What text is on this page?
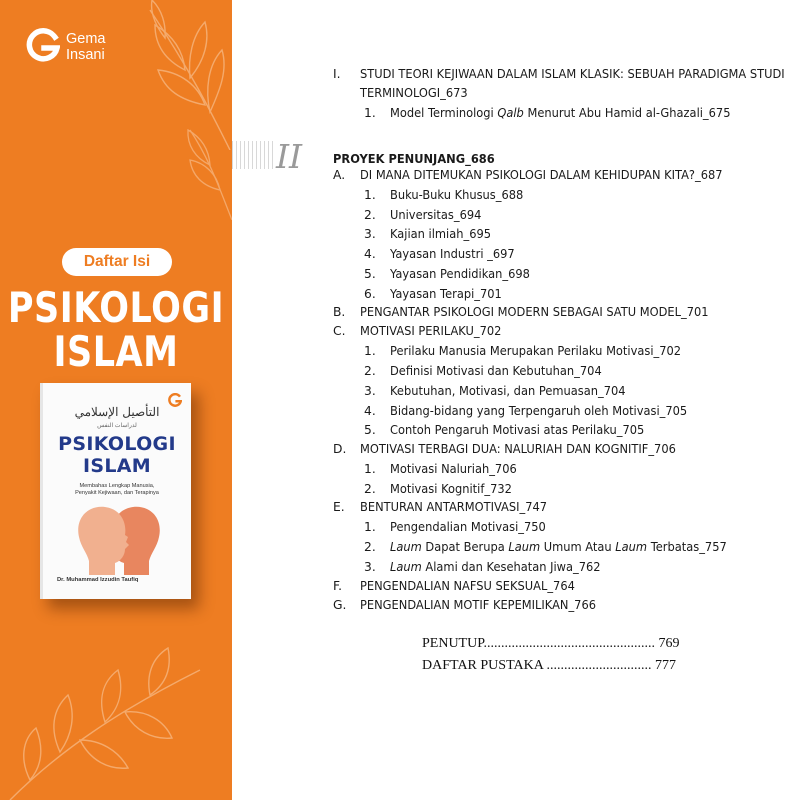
Gema
Insani
Daftar Isi
PSIKOLOGI
ISLAM
التأصيل الإسلامي
لدراسات النفس
PSIKOLOGI
ISLAM
Membahas Lengkap Manusia,
Penyakit Kejiwaan, dan Terapinya
Dr. Muhammad Izzudin Taufiq
II
I. STUDI TEORI KEJIWAAN DALAM ISLAM KLASIK: SEBUAH PARADIGMA STUDI
TERMINOLOGI_673
1. Model Terminologi Qalb Menurut Abu Hamid al-Ghazali_675
PROYEK PENUNJANG_686
A. DI MANA DITEMUKAN PSIKOLOGI DALAM KEHIDUPAN KITA?_687
1. Buku-Buku Khusus_688
2. Universitas_694
3. Kajian ilmiah_695
4. Yayasan Industri _697
5. Yayasan Pendidikan_698
6. Yayasan Terapi_701
B. PENGANTAR PSIKOLOGI MODERN SEBAGAI SATU MODEL_701
C. MOTIVASI PERILAKU_702
1. Perilaku Manusia Merupakan Perilaku Motivasi_702
2. Definisi Motivasi dan Kebutuhan_704
3. Kebutuhan, Motivasi, dan Pemuasan_704
4. Bidang-bidang yang Terpengaruh oleh Motivasi_705
5. Contoh Pengaruh Motivasi atas Perilaku_705
D. MOTIVASI TERBAGI DUA: NALURIAH DAN KOGNITIF_706
1. Motivasi Naluriah_706
2. Motivasi Kognitif_732
E. BENTURAN ANTARMOTIVASI_747
1. Pengendalian Motivasi_750
2. Laum Dapat Berupa Laum Umum Atau Laum Terbatas_757
3. Laum Alami dan Kesehatan Jiwa_762
F. PENGENDALIAN NAFSU SEKSUAL_764
G. PENGENDALIAN MOTIF KEPEMILIKAN_766
PENUTUP................................................. 769
DAFTAR PUSTAKA .............................. 777
